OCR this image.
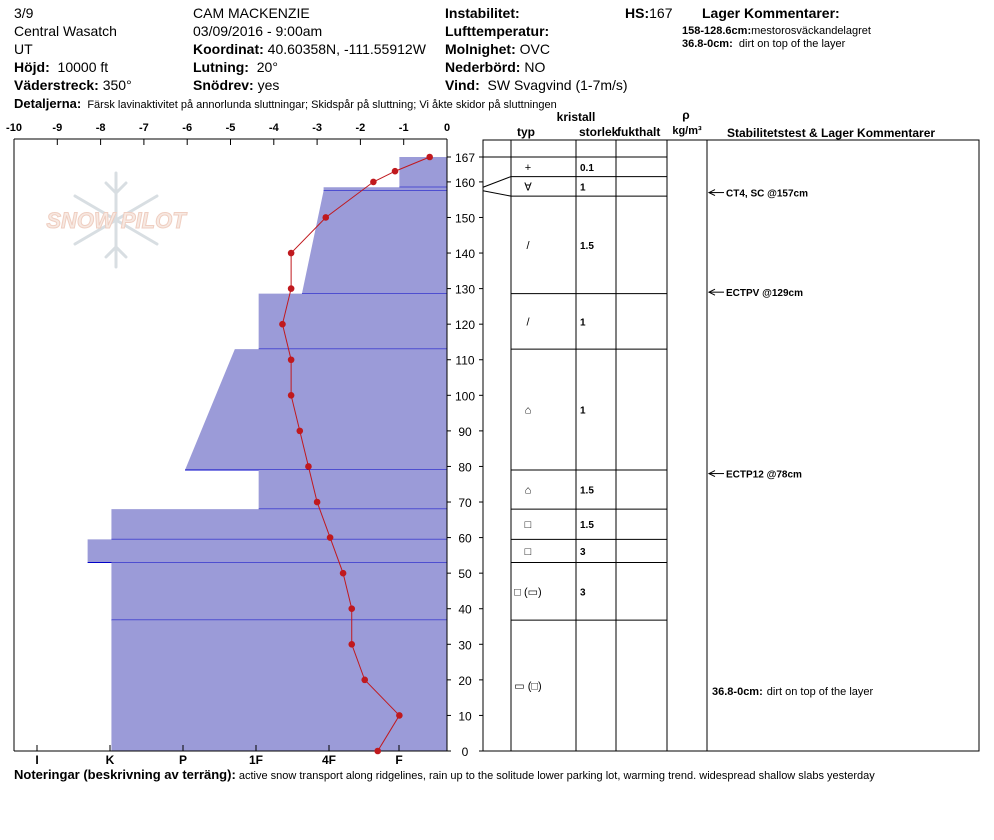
3/9
Central Wasatch
UT
Höjd: 10000 ft
Väderstreck: 350°
CAM MACKENZIE
03/09/2016 - 9:00am
Koordinat: 40.60358N, -111.55912W
Lutning: 20°
Snödrev: yes
Instabilitet:
Lufttemperatur:
Molnighet: OVC
Nederbörd: NO
Vind: SW Svagvind (1-7m/s)
HS:167 Lager Kommentarer:
158-128.6cm:mestorosväckandelagret
36.8-0cm: dirt on top of the layer
Detaljerna: Färsk lavinaktivitet på annorlunda sluttningar; Skidspår på sluttning; Vi åkte skidor på sluttningen
SNOW PILOT
-10	-9	-8	-7	-6	-5	-4	-3	-2	-1	0
I	K	P	1F	4F	F
0
10
20
30
40
50
60
70
80
90
100
110
120
130
140
150
160
167
+	0.1
∀	1
/	1.5
/	1
⌂	1
⌂	1.5
□	1.5
□	3
□ (▭)	3
▭ (□)
CT4, SC @157cm
ECTPV @129cm
ECTP12 @78cm
kristall
typ	storlek
fukthalt
ρ
kg/m³ Stabilitetstest & Lager Kommentarer
36.8-0cm: dirt on top of the layer
Noteringar (beskrivning av terräng): active snow transport along ridgelines, rain up to the solitude lower parking lot, warming trend. widespread shallow slabs yesterday
